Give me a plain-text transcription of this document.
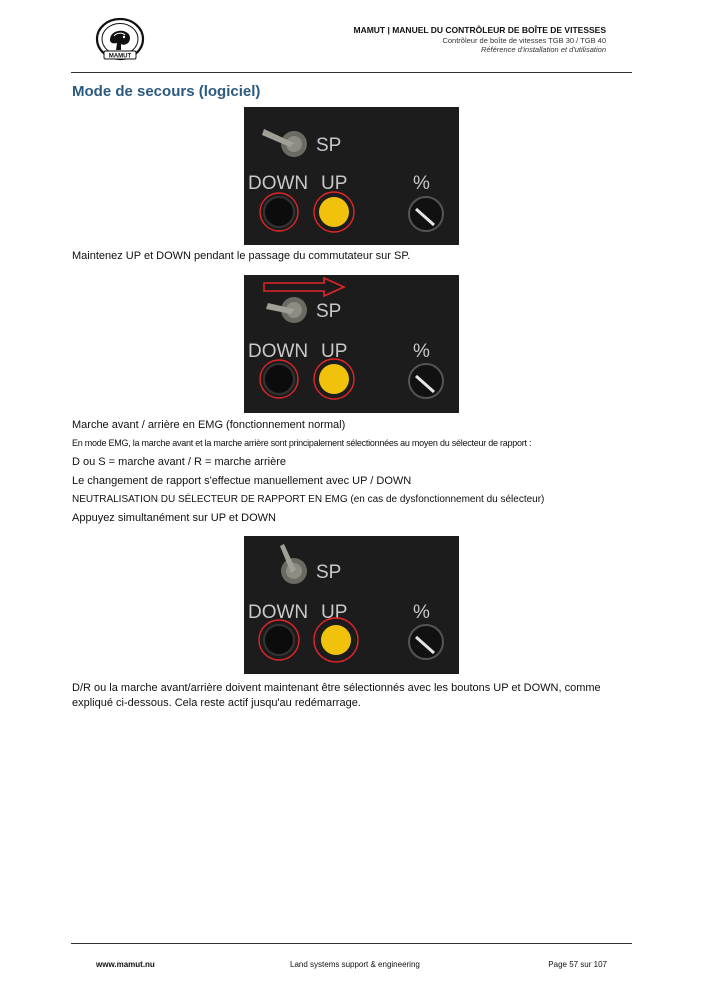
MAMUT
MAMUT | MANUEL DU CONTRÔLEUR DE BOÎTE DE VITESSES
Contrôleur de boîte de vitesses TGB 30 / TGB 40
Référence d'installation et d'utilisation
Mode de secours (logiciel)
SP
DOWN UP	%
Maintenez UP et DOWN pendant le passage du commutateur sur SP.
SP
DOWN UP	%
Marche avant / arrière en EMG (fonctionnement normal)
En mode EMG, la marche avant et la marche arrière sont principalement sélectionnées au moyen du sélecteur de rapport :
D ou S = marche avant / R = marche arrière
Le changement de rapport s'effectue manuellement avec UP / DOWN
NEUTRALISATION DU SÉLECTEUR DE RAPPORT EN EMG (en cas de dysfonctionnement du sélecteur)
Appuyez simultanément sur UP et DOWN
SP
DOWN UP	%
D/R ou la marche avant/arrière doivent maintenant être sélectionnés avec les boutons UP et DOWN, comme expliqué ci-dessous. Cela reste actif jusqu'au redémarrage.
www.mamut.nu	Land systems support & engineering	Page 57 sur 107
